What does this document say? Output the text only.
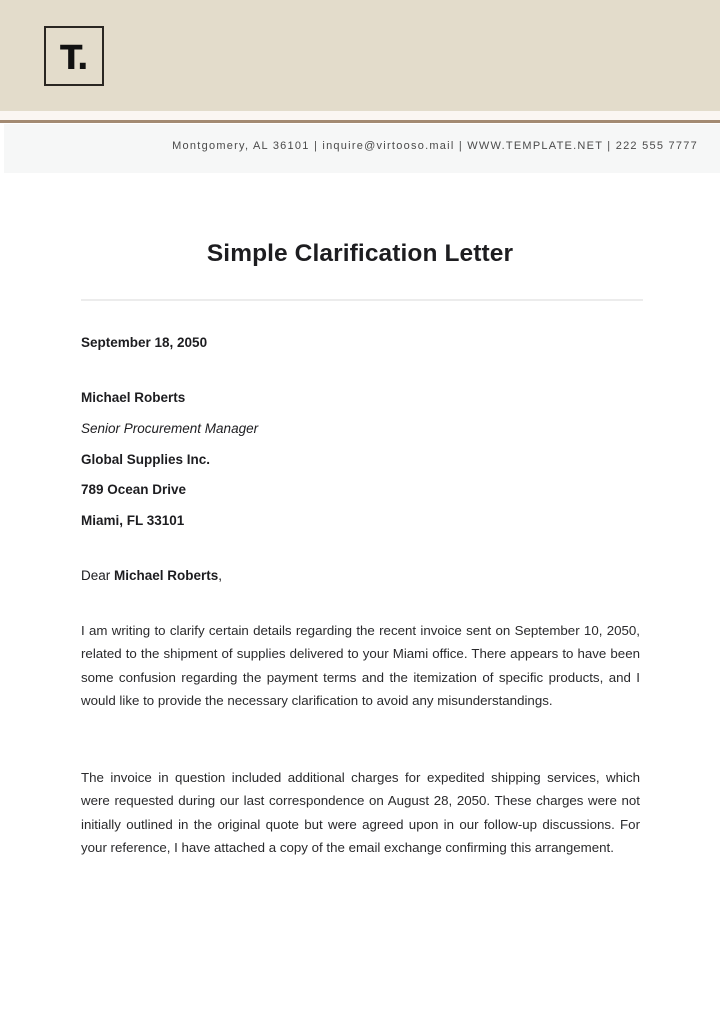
T.
Montgomery, AL 36101 | inquire@virtooso.mail | WWW.TEMPLATE.NET | 222 555 7777
Simple Clarification Letter
September 18, 2050
Michael Roberts
Senior Procurement Manager
Global Supplies Inc.
789 Ocean Drive
Miami, FL 33101
Dear Michael Roberts,
I am writing to clarify certain details regarding the recent invoice sent on September 10, 2050, related to the shipment of supplies delivered to your Miami office. There appears to have been some confusion regarding the payment terms and the itemization of specific products, and I would like to provide the necessary clarification to avoid any misunderstandings.
The invoice in question included additional charges for expedited shipping services, which were requested during our last correspondence on August 28, 2050. These charges were not initially outlined in the original quote but were agreed upon in our follow-up discussions. For your reference, I have attached a copy of the email exchange confirming this arrangement.
